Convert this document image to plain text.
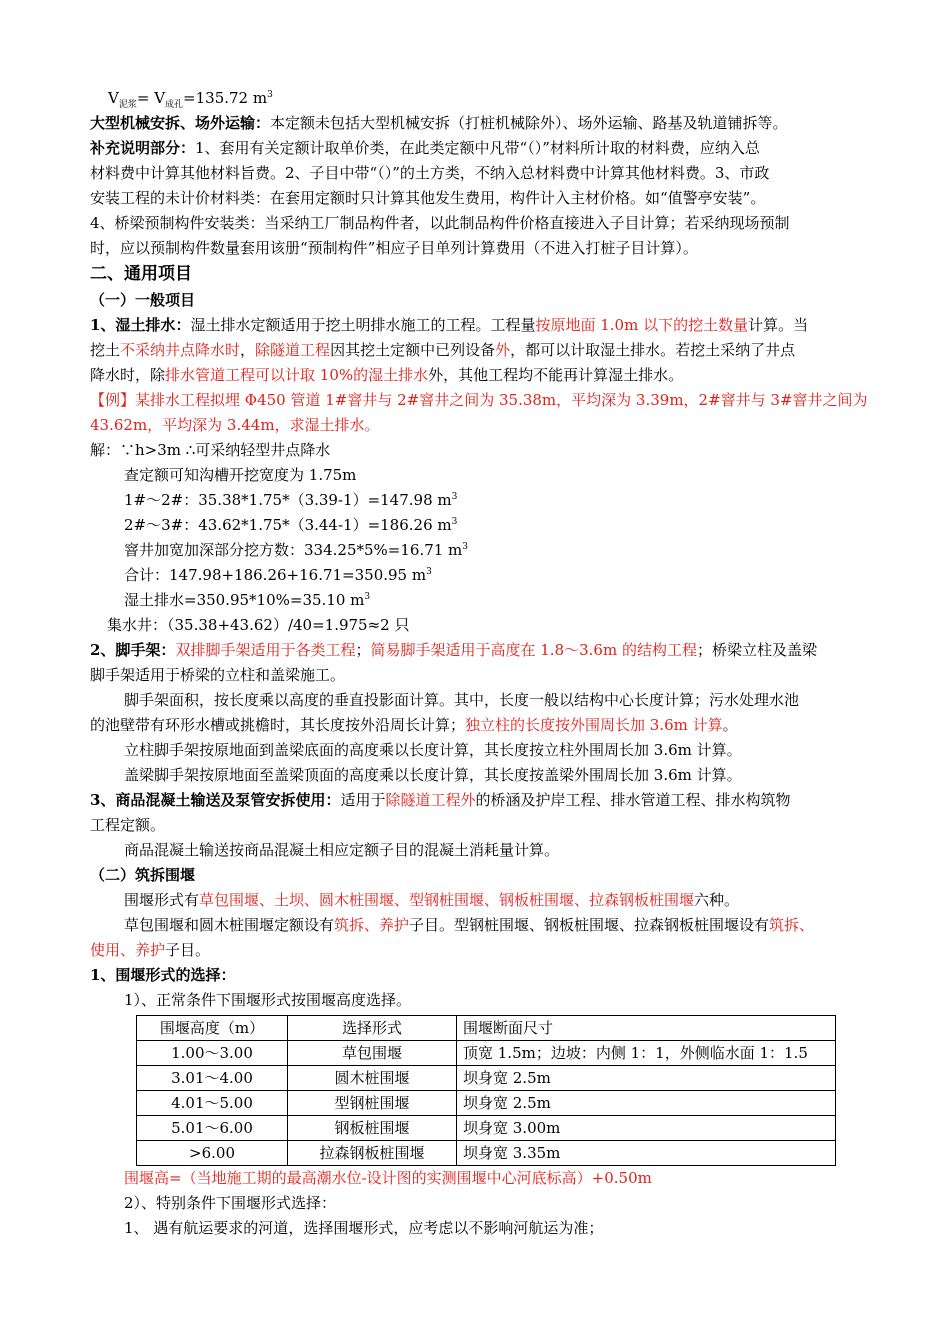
$V_{泥浆}= V_{成孔}=135.72$ $m^3$
大型机械安拆、场外运输：本定额未包括大型机械安拆（打桩机械除外）、场外运输、路基及轨道铺拆等。
补充说明部分：1、套用有关定额计取单价类，在此类定额中凡带“（）”材料所计取的材料费，应纳入总
材料费中计算其他材料旨费。2、子目中带“（）”的土方类，不纳入总材料费中计算其他材料费。3、市政
安装工程的未计价材料类：在套用定额时只计算其他发生费用，构件计入主材价格。如“值警亭安装”。
4、桥梁预制构件安装类：当采纳工厂制品构件者，以此制品构件价格直接进入子目计算；若采纳现场预制
时，应以预制构件数量套用该册“预制构件”相应子目单列计算费用（不进入打桩子目计算）。
二、通用项目
（一）一般项目
1、湿土排水：湿土排水定额适用于挖土明排水施工的工程。工程量按原地面 1.0m 以下的挖土数量计算。当
挖土不采纳井点降水时，除隧道工程因其挖土定额中已列设备外，都可以计取湿土排水。若挖土采纳了井点
降水时，除排水管道工程可以计取 10%的湿土排水外，其他工程均不能再计算湿土排水。
【例】某排水工程拟埋 Φ450 管道 1#窨井与 2#窨井之间为 35.38m，平均深为 3.39m，2#窨井与 3#窨井之间为
43.62m，平均深为 3.44m，求湿土排水。
解：∵h>3m ∴可采纳轻型井点降水
查定额可知沟槽开挖宽度为 1.75m
1#～2#：35.38*1.75*（3.39-1）=147.98 $m^3$
2#～3#：43.62*1.75*（3.44-1）=186.26 $m^3$
窨井加宽加深部分挖方数：334.25*5%=16.71 $m^3$
合计：147.98+186.26+16.71=350.95 $m^3$
湿土排水=350.95*10%=35.10 $m^3$
集水井：（35.38+43.62）/40=1.975≈2 只
2、脚手架：双排脚手架适用于各类工程；简易脚手架适用于高度在 1.8～3.6m 的结构工程；桥梁立柱及盖梁
脚手架适用于桥梁的立柱和盖梁施工。
脚手架面积，按长度乘以高度的垂直投影面计算。其中，长度一般以结构中心长度计算；污水处理水池
的池壁带有环形水槽或挑檐时，其长度按外沿周长计算；独立柱的长度按外围周长加 3.6m 计算。
立柱脚手架按原地面到盖梁底面的高度乘以长度计算，其长度按立柱外围周长加 3.6m 计算。
盖梁脚手架按原地面至盖梁顶面的高度乘以长度计算，其长度按盖梁外围周长加 3.6m 计算。
3、商品混凝土输送及泵管安拆使用：适用于除隧道工程外的桥涵及护岸工程、排水管道工程、排水构筑物
工程定额。
商品混凝土输送按商品混凝土相应定额子目的混凝土消耗量计算。
（二）筑拆围堰
围堰形式有草包围堰、土坝、圆木桩围堰、型钢桩围堰、钢板桩围堰、拉森钢板桩围堰六种。
草包围堰和圆木桩围堰定额设有筑拆、养护子目。型钢桩围堰、钢板桩围堰、拉森钢板桩围堰设有筑拆、
使用、养护子目。
1、围堰形式的选择：
1）、正常条件下围堰形式按围堰高度选择。
围堰高度（m）	选择形式	围堰断面尺寸
1.00～3.00	草包围堰	顶宽 1.5m；边坡：内侧 1：1，外侧临水面 1：1.5
3.01～4.00	圆木桩围堰	坝身宽 2.5m
4.01～5.00	型钢桩围堰	坝身宽 2.5m
5.01～6.00	钢板桩围堰	坝身宽 3.00m
>6.00	拉森钢板桩围堰	坝身宽 3.35m
围堰高=（当地施工期的最高潮水位-设计图的实测围堰中心河底标高）+0.50m
2）、特别条件下围堰形式选择：
1、 遇有航运要求的河道，选择围堰形式，应考虑以不影响河航运为准；
